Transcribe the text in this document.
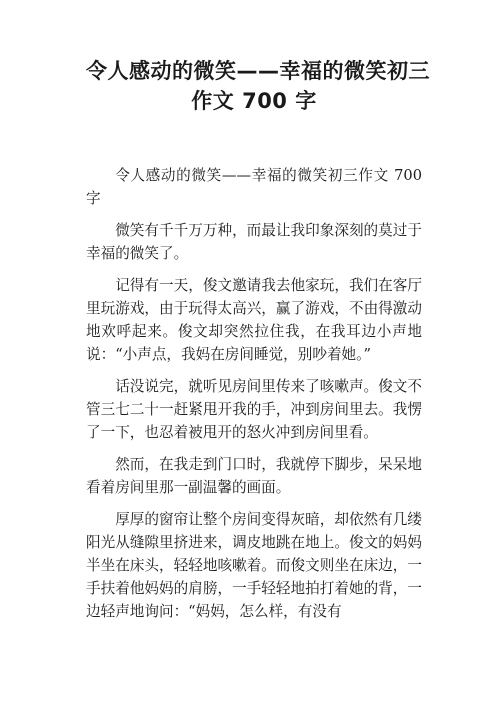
令人感动的微笑——幸福的微笑初三
作文 700 字

令人感动的微笑——幸福的微笑初三作文 700 字

微笑有千千万万种，而最让我印象深刻的莫过于幸福的微笑了。

记得有一天，俊文邀请我去他家玩，我们在客厅里玩游戏，由于玩得太高兴，赢了游戏，不由得激动地欢呼起来。俊文却突然拉住我，在我耳边小声地说：“小声点，我妈在房间睡觉，别吵着她。”

话没说完，就听见房间里传来了咳嗽声。俊文不管三七二十一赶紧甩开我的手，冲到房间里去。我愣了一下，也忍着被甩开的怒火冲到房间里看。

然而，在我走到门口时，我就停下脚步，呆呆地看着房间里那一副温馨的画面。

厚厚的窗帘让整个房间变得灰暗，却依然有几缕阳光从缝隙里挤进来，调皮地跳在地上。俊文的妈妈半坐在床头，轻轻地咳嗽着。而俊文则坐在床边，一手扶着他妈妈的肩膀，一手轻轻地拍打着她的背，一边轻声地询问：“妈妈，怎么样，有没有
